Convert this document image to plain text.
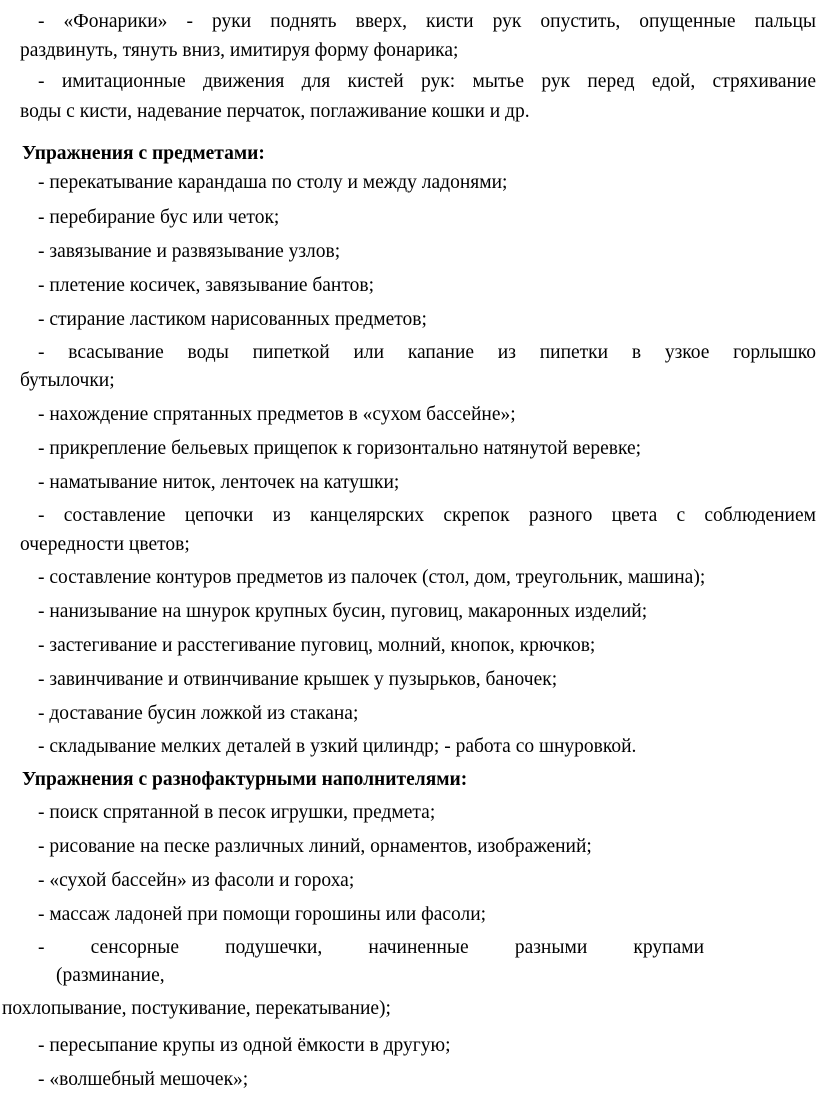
- «Фонарики» - руки поднять вверх, кисти рук опустить, опущенные пальцы
раздвинуть, тянуть вниз, имитируя форму фонарика;
- имитационные движения для кистей рук: мытье рук перед едой, стряхивание
воды с кисти, надевание перчаток, поглаживание кошки и др.
Упражнения с предметами:
- перекатывание карандаша по столу и между ладонями;
- перебирание бус или четок;
- завязывание и развязывание узлов;
- плетение косичек, завязывание бантов;
- стирание ластиком нарисованных предметов;
- всасывание воды пипеткой или капание из пипетки в узкое горлышко
бутылочки;
- нахождение спрятанных предметов в «сухом бассейне»;
- прикрепление бельевых прищепок к горизонтально натянутой веревке;
- наматывание ниток, ленточек на катушки;
- составление цепочки из канцелярских скрепок разного цвета с соблюдением
очередности цветов;
- составление контуров предметов из палочек (стол, дом, треугольник, машина);
- нанизывание на шнурок крупных бусин, пуговиц, макаронных изделий;
- застегивание и расстегивание пуговиц, молний, кнопок, крючков;
- завинчивание и отвинчивание крышек у пузырьков, баночек;
- доставание бусин ложкой из стакана;
- складывание мелких деталей в узкий цилиндр; - работа со шнуровкой.
Упражнения с разнофактурными наполнителями:
- поиск спрятанной в песок игрушки, предмета;
- рисование на песке различных линий, орнаментов, изображений;
- «сухой бассейн» из фасоли и гороха;
- массаж ладоней при помощи горошины или фасоли;
- сенсорные подушечки, начиненные разными крупами
(разминание,
похлопывание, постукивание, перекатывание);
- пересыпание крупы из одной ёмкости в другую;
- «волшебный мешочек»;
